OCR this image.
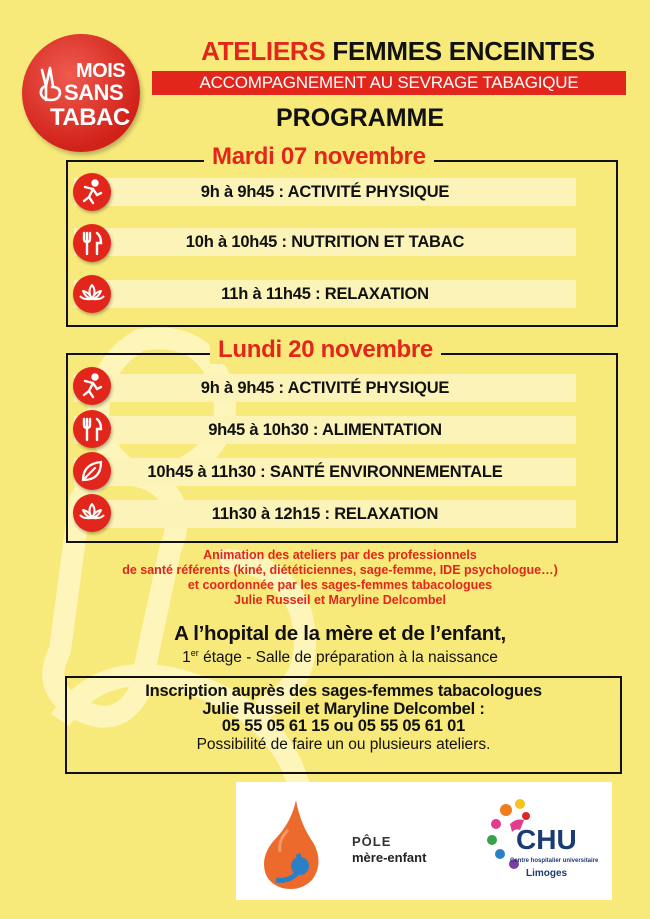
MOIS
SANS
TABAC
ATELIERS FEMMES ENCEINTES
ACCOMPAGNEMENT AU SEVRAGE TABAGIQUE
PROGRAMME
Mardi 07 novembre
9h à 9h45 : ACTIVITÉ PHYSIQUE
10h à 10h45 : NUTRITION ET TABAC
11h à 11h45 : RELAXATION
Lundi 20 novembre
9h à 9h45 : ACTIVITÉ PHYSIQUE
9h45 à 10h30 : ALIMENTATION
10h45 à 11h30 : SANTÉ ENVIRONNEMENTALE
11h30 à 12h15 : RELAXATION
Animation des ateliers par des professionnels
de santé référents (kiné, diététiciennes, sage-femme, IDE psychologue…)
et coordonnée par les sages-femmes tabacologues
Julie Russeil et Maryline Delcombel
A l’hopital de la mère et de l’enfant,
1er étage - Salle de préparation à la naissance
Inscription auprès des sages-femmes tabacologues
Julie Russeil et Maryline Delcombel :
05 55 05 61 15 ou 05 55 05 61 01
Possibilité de faire un ou plusieurs ateliers.
PÔLE
mère-enfant
CHU
Centre hospitalier universitaire
Limoges
